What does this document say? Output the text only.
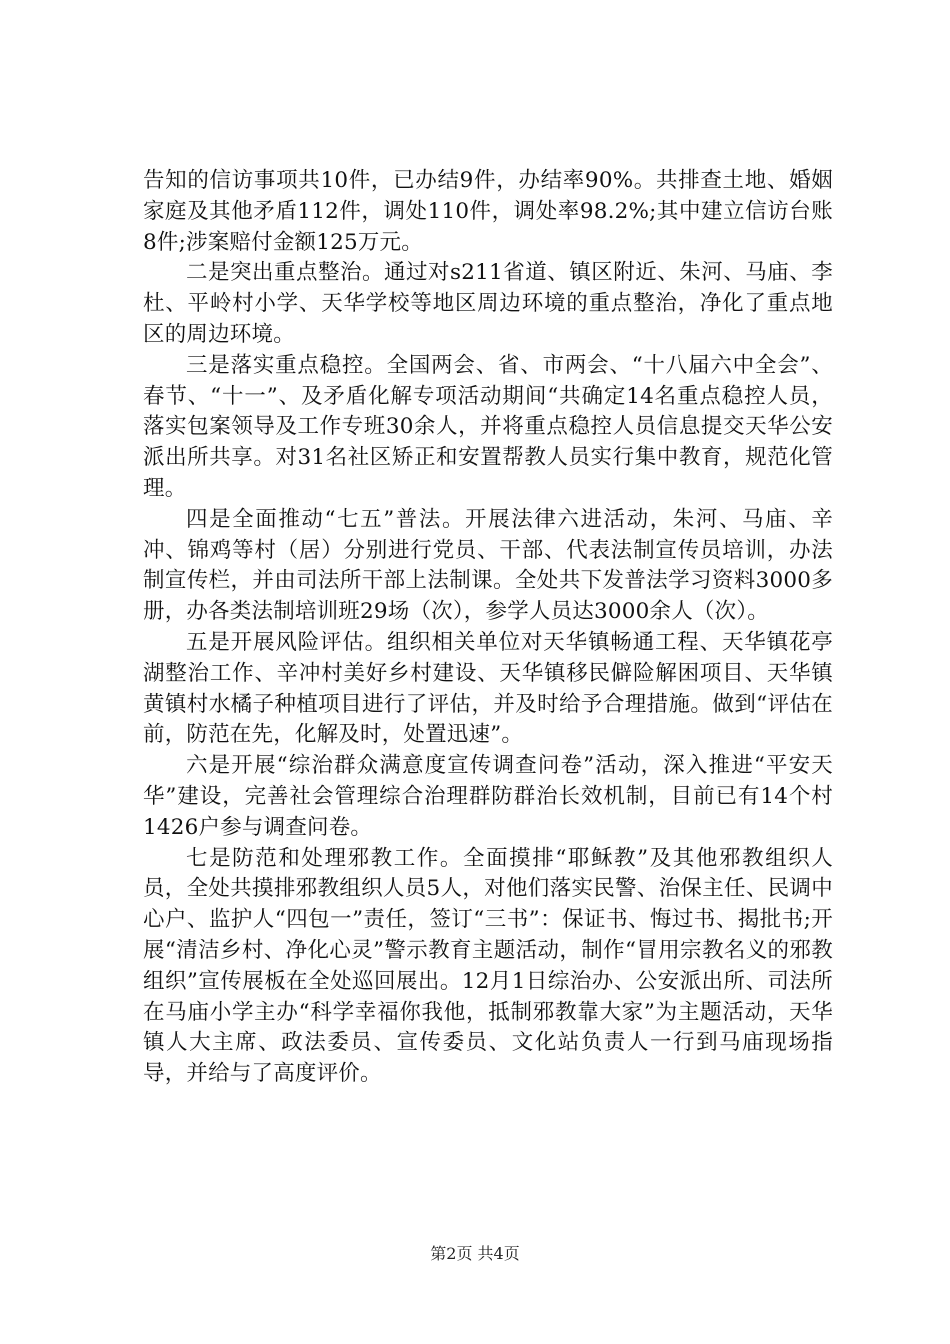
告知的信访事项共10件，已办结9件，办结率90%。共排查土地、婚姻家庭及其他矛盾112件，调处110件，调处率98.2%;其中建立信访台账8件;涉案赔付金额125万元。

二是突出重点整治。通过对s211省道、镇区附近、朱河、马庙、李杜、平岭村小学、天华学校等地区周边环境的重点整治，净化了重点地区的周边环境。

三是落实重点稳控。全国两会、省、市两会、“十八届六中全会”、春节、“十一”、及矛盾化解专项活动期间“共确定14名重点稳控人员，落实包案领导及工作专班30余人，并将重点稳控人员信息提交天华公安派出所共享。对31名社区矫正和安置帮教人员实行集中教育，规范化管理。

四是全面推动“七五”普法。开展法律六进活动，朱河、马庙、辛冲、锦鸡等村（居）分别进行党员、干部、代表法制宣传员培训，办法制宣传栏，并由司法所干部上法制课。全处共下发普法学习资料3000多册，办各类法制培训班29场（次），参学人员达3000余人（次）。

五是开展风险评估。组织相关单位对天华镇畅通工程、天华镇花亭湖整治工作、辛冲村美好乡村建设、天华镇移民僻险解困项目、天华镇黄镇村水橘子种植项目进行了评估，并及时给予合理措施。做到“评估在前，防范在先，化解及时，处置迅速”。

六是开展“综治群众满意度宣传调查问卷”活动，深入推进“平安天华”建设，完善社会管理综合治理群防群治长效机制，目前已有14个村1426户参与调查问卷。

七是防范和处理邪教工作。全面摸排“耶稣教”及其他邪教组织人员，全处共摸排邪教组织人员5人，对他们落实民警、治保主任、民调中心户、监护人“四包一”责任，签订“三书”：保证书、悔过书、揭批书;开展“清洁乡村、净化心灵”警示教育主题活动，制作“冒用宗教名义的邪教组织”宣传展板在全处巡回展出。12月1日综治办、公安派出所、司法所在马庙小学主办“科学幸福你我他，抵制邪教靠大家”为主题活动，天华镇人大主席、政法委员、宣传委员、文化站负责人一行到马庙现场指导，并给与了高度评价。

第2页 共4页
